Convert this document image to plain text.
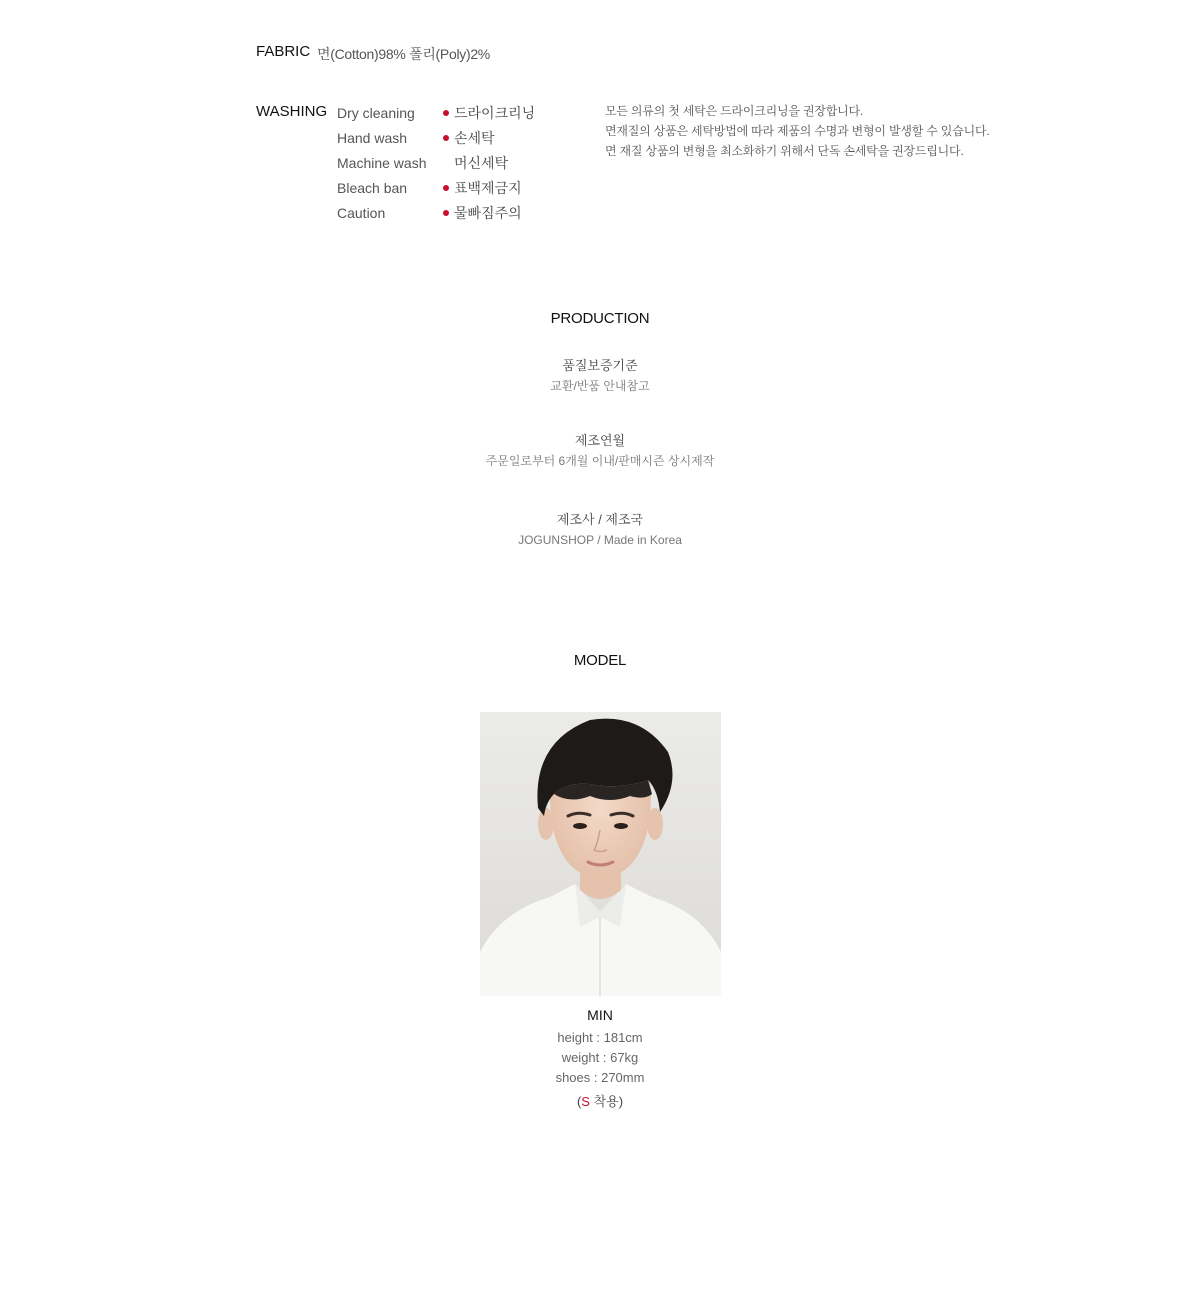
FABRIC 면(Cotton)98% 폴리(Poly)2%
WASHING Dry cleaning
Hand wash
Machine wash
Bleach ban
Caution
드라이크리닝
손세탁
머신세탁
표백제금지
물빠짐주의
모든 의류의 첫 세탁은 드라이크리닝을 권장합니다.
면재질의 상품은 세탁방법에 따라 제품의 수명과 변형이 발생할 수 있습니다.
면 재질 상품의 변형을 최소화하기 위해서 단독 손세탁을 권장드립니다.
PRODUCTION
품질보증기준
교환/반품 안내참고
제조연월
주문일로부터 6개월 이내/판매시즌 상시제작
제조사 / 제조국
JOGUNSHOP / Made in Korea
MODEL
MIN
height : 181cm
weight : 67kg
shoes : 270mm
(S 착용)
